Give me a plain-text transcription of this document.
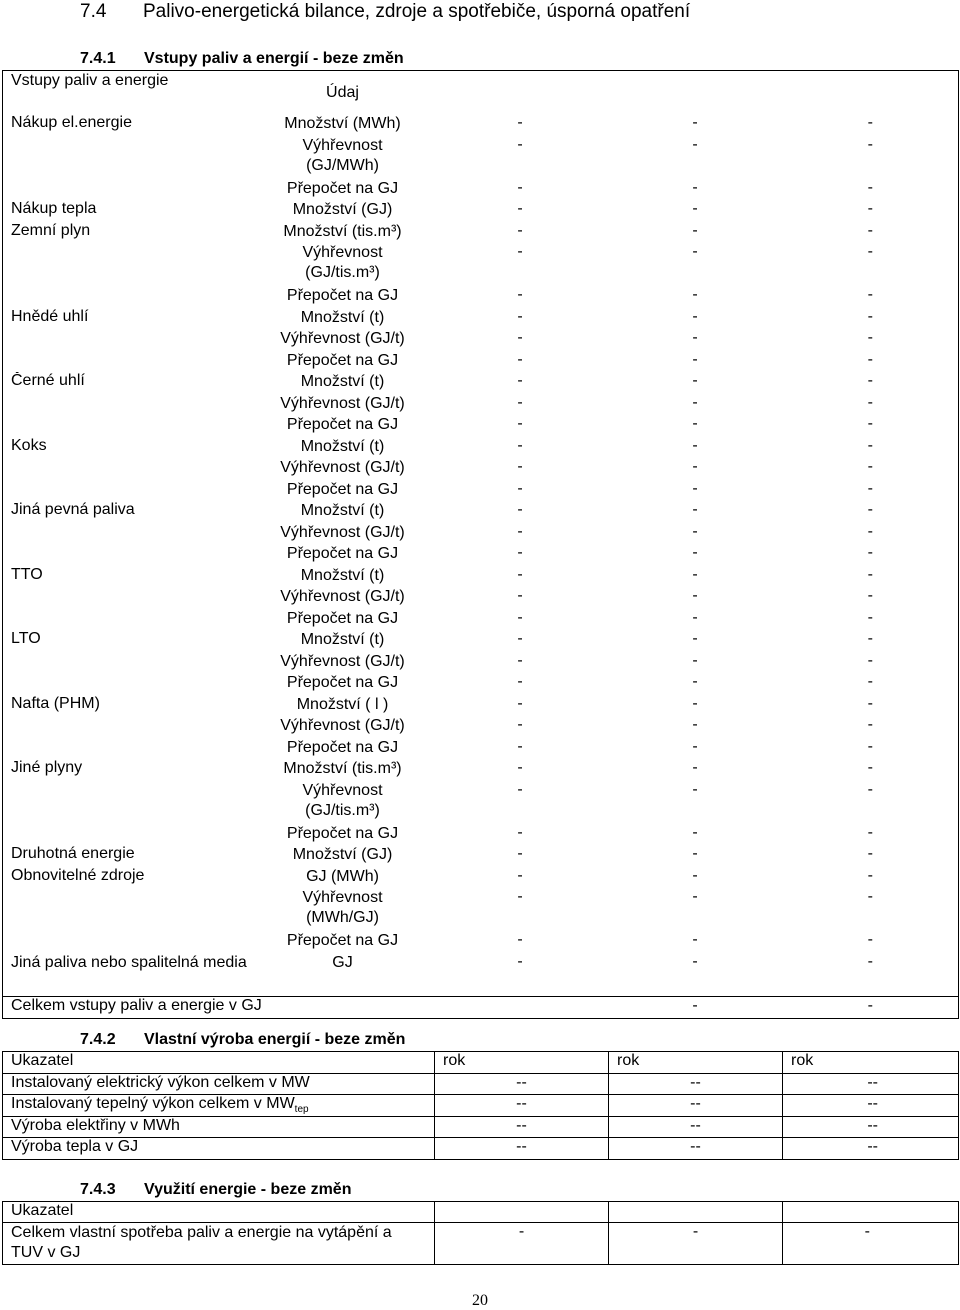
7.4 Palivo-energetická bilance, zdroje a spotřebiče, úsporná opatření
7.4.1 Vstupy paliv a energií - beze změn
Vstupy paliv a energie	Údaj			
Nákup el.energie	Množství (MWh)	-	-	-
	Výhřevnost (GJ/MWh)	-	-	-
	Přepočet na GJ	-	-	-
Nákup tepla	Množství (GJ)	-	-	-
Zemní plyn	Množství (tis.m³)	-	-	-
	Výhřevnost (GJ/tis.m³)	-	-	-
	Přepočet na GJ	-	-	-
Hnědé uhlí	Množství (t)	-	-	-
	Výhřevnost (GJ/t)	-	-	-
	Přepočet na GJ	-	-	-
Černé uhlí	Množství (t)	-	-	-
	Výhřevnost (GJ/t)	-	-	-
	Přepočet na GJ	-	-	-
Koks	Množství (t)	-	-	-
	Výhřevnost (GJ/t)	-	-	-
	Přepočet na GJ	-	-	-
Jiná pevná paliva	Množství (t)	-	-	-
	Výhřevnost (GJ/t)	-	-	-
	Přepočet na GJ	-	-	-
TTO	Množství (t)	-	-	-
	Výhřevnost (GJ/t)	-	-	-
	Přepočet na GJ	-	-	-
LTO	Množství (t)	-	-	-
	Výhřevnost (GJ/t)	-	-	-
	Přepočet na GJ	-	-	-
Nafta (PHM)	Množství ( l )	-	-	-
	Výhřevnost (GJ/t)	-	-	-
	Přepočet na GJ	-	-	-
Jiné plyny	Množství (tis.m³)	-	-	-
	Výhřevnost (GJ/tis.m³)	-	-	-
	Přepočet na GJ	-	-	-
Druhotná energie	Množství (GJ)	-	-	-
Obnovitelné zdroje	GJ (MWh)	-	-	-
	Výhřevnost (MWh/GJ)	-	-	-
	Přepočet na GJ	-	-	-
Jiná paliva nebo spalitelná media	GJ	-	-	-
Celkem vstupy paliv a energie v GJ			-	-
7.4.2 Vlastní výroba energií - beze změn
Ukazatel	rok	rok	rok
Instalovaný elektrický výkon celkem v MW	--	--	--
Instalovaný tepelný výkon celkem v $MW_{tep}$	--	--	--
Výroba elektřiny v MWh	--	--	--
Výroba tepla v GJ	--	--	--
7.4.3 Využití energie - beze změn
Ukazatel			
Celkem vlastní spotřeba paliv a energie na vytápění a TUV v GJ	-	-	-
20
